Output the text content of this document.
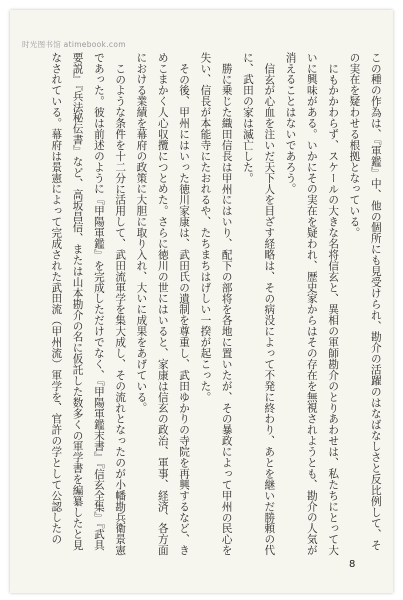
时光图书馆 atimebook.com

この種の作為は、『軍鑑』中、他の個所にも見受けられ、勘介の活躍のはなばなしさと反比例して、その実在を疑わせる根拠となっている。

にもかかわらず、スケールの大きな名将信玄と、異相の軍師勘介のとりあわせは、私たちにとって大いに興味がある。いかにその実在を疑われ、歴史家からはその存在を無視されようとも、勘介の人気が消えることはないであろう。

信玄が心血を注いだ天下人を目ざす経略は、その病没によって不発に終わり、あとを継いだ勝頼の代に、武田の家は滅亡した。

勝に乗じた織田信長は甲州にはいり、配下の部将を各地に置いたが、その暴政によって甲州の民心を失い、信長が本能寺にたおれるや、たちまちはげしい一揆が起こった。

その後、甲州にはいった徳川家康は、武田氏の遺制を尊重し、武田ゆかりの寺院を再興するなど、きめこまかく人心収攬につとめた。さらに徳川の世にはいると、家康は信玄の政治、軍事、経済、各方面における業績を幕府の政策に大胆に取り入れ、大いに成果をあげている。

このような条件を十二分に活用して、武田流軍学を集大成し、その流れとなったのが小幡勘兵衛景憲であった。彼は前述のように『甲陽軍鑑』を完成しただけでなく、『甲陽軍鑑末書』『信玄全集』『武具要説』『兵法秘伝書』など、高坂昌信、または山本勘介の名に仮託した数多くの軍学書を編纂したと見なされている。幕府は景憲によって完成された武田流（甲州流）軍学を、官許の学として公認したの

8
